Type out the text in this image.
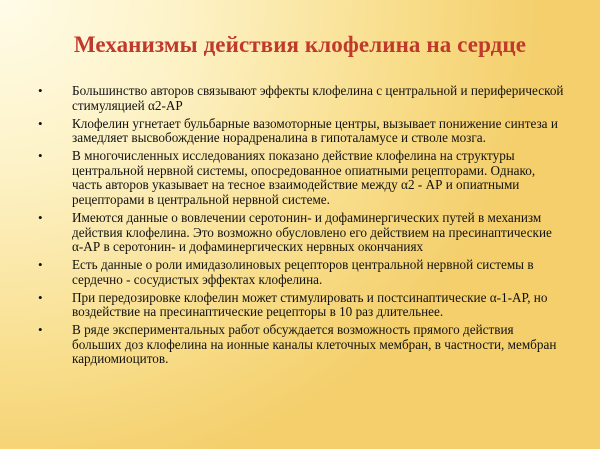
Механизмы действия клофелина на сердце
• Большинство авторов связывают эффекты клофелина с центральной и периферической стимуляцией α2-АР
• Клофелин угнетает бульбарные вазомоторные центры, вызывает понижение синтеза и замедляет высвобождение норадреналина в гипоталамусе и стволе мозга.
• В многочисленных исследованиях показано действие клофелина на структуры центральной нервной системы, опосредованное опиатными рецепторами. Однако, часть авторов указывает на тесное взаимодействие между α2 - АР и опиатными рецепторами в центральной нервной системе.
• Имеются данные о вовлечении серотонин- и дофаминергических путей в механизм действия клофелина. Это возможно обусловлено его действием на пресинаптические α-АР в серотонин- и дофаминергических нервных окончаниях
• Есть данные о роли имидазолиновых рецепторов центральной нервной системы в сердечно - сосудистых эффектах клофелина.
• При передозировке клофелин может стимулировать и постсинаптические α-1-АР, но воздействие на пресинаптические рецепторы в 10 раз длительнее.
• В ряде экспериментальных работ обсуждается возможность прямого действия больших доз клофелина на ионные каналы клеточных мембран, в частности, мембран кардиомиоцитов.
